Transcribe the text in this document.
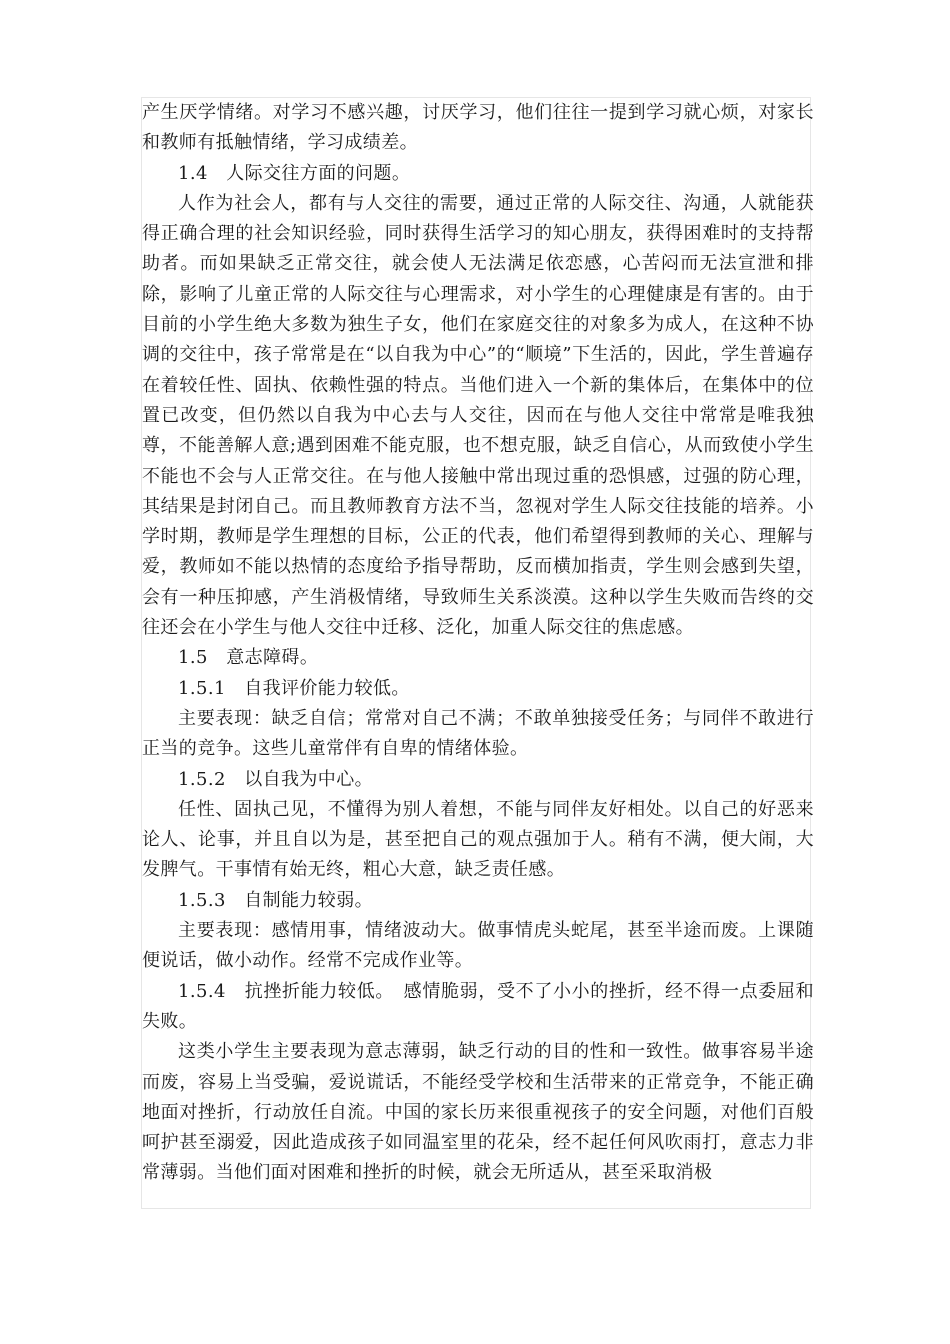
产生厌学情绪。对学习不感兴趣，讨厌学习，他们往往一提到学习就心烦，对家长和教师有抵触情绪，学习成绩差。

1.4　人际交往方面的问题。

人作为社会人，都有与人交往的需要，通过正常的人际交往、沟通，人就能获得正确合理的社会知识经验，同时获得生活学习的知心朋友，获得困难时的支持帮助者。而如果缺乏正常交往，就会使人无法满足依恋感，心苦闷而无法宣泄和排除，影响了儿童正常的人际交往与心理需求，对小学生的心理健康是有害的。由于目前的小学生绝大多数为独生子女，他们在家庭交往的对象多为成人，在这种不协调的交往中，孩子常常是在“以自我为中心”的“顺境”下生活的，因此，学生普遍存在着较任性、固执、依赖性强的特点。当他们进入一个新的集体后，在集体中的位置已改变，但仍然以自我为中心去与人交往，因而在与他人交往中常常是唯我独尊，不能善解人意;遇到困难不能克服，也不想克服，缺乏自信心，从而致使小学生不能也不会与人正常交往。在与他人接触中常出现过重的恐惧感，过强的防心理，其结果是封闭自己。而且教师教育方法不当，忽视对学生人际交往技能的培养。小学时期，教师是学生理想的目标，公正的代表，他们希望得到教师的关心、理解与爱，教师如不能以热情的态度给予指导帮助，反而横加指责，学生则会感到失望，会有一种压抑感，产生消极情绪，导致师生关系淡漠。这种以学生失败而告终的交往还会在小学生与他人交往中迁移、泛化，加重人际交往的焦虑感。

1.5　意志障碍。

1.5.1　自我评价能力较低。

主要表现：缺乏自信；常常对自己不满；不敢单独接受任务；与同伴不敢进行正当的竞争。这些儿童常伴有自卑的情绪体验。

1.5.2　以自我为中心。

任性、固执己见，不懂得为别人着想，不能与同伴友好相处。以自己的好恶来论人、论事，并且自以为是，甚至把自己的观点强加于人。稍有不满，便大闹，大发脾气。干事情有始无终，粗心大意，缺乏责任感。

1.5.3　自制能力较弱。

主要表现：感情用事，情绪波动大。做事情虎头蛇尾，甚至半途而废。上课随便说话，做小动作。经常不完成作业等。

1.5.4　抗挫折能力较低。　感情脆弱，受不了小小的挫折，经不得一点委屈和失败。

这类小学生主要表现为意志薄弱，缺乏行动的目的性和一致性。做事容易半途而废，容易上当受骗，爱说谎话，不能经受学校和生活带来的正常竞争，不能正确地面对挫折，行动放任自流。中国的家长历来很重视孩子的安全问题，对他们百般呵护甚至溺爱，因此造成孩子如同温室里的花朵，经不起任何风吹雨打，意志力非常薄弱。当他们面对困难和挫折的时候，就会无所适从，甚至采取消极
